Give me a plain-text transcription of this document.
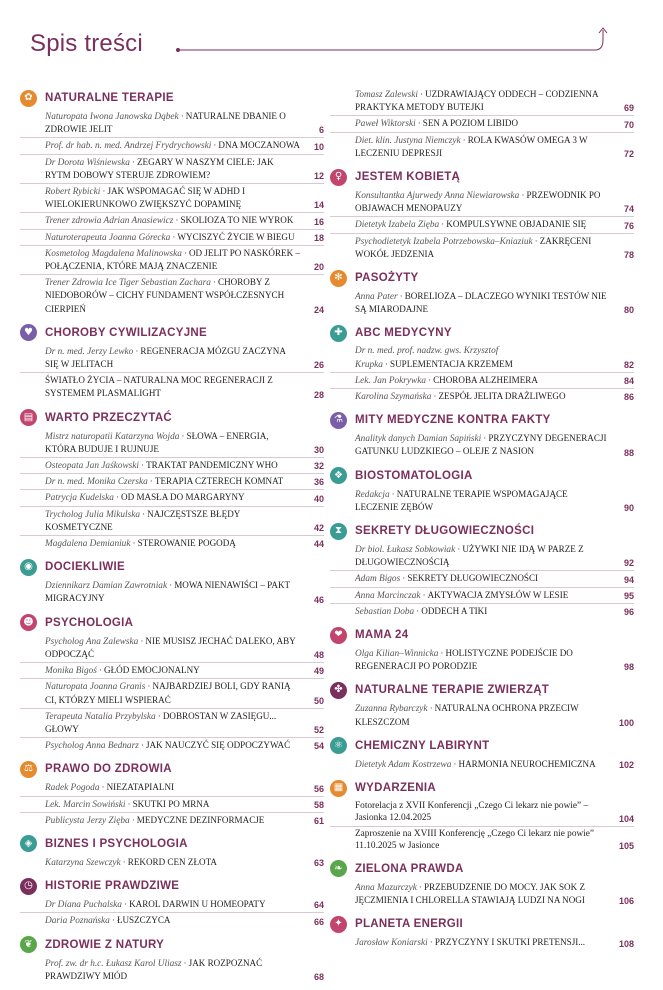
Spis treści
✿	NATURALNE TERAPIE
Naturopata Iwona Janowska Dąbek · NATURALNE DBANIE O ZDROWIE JELIT	6
Prof. dr hab. n. med. Andrzej Frydrychowski · DNA MOCZANOWA	10
Dr Dorota Wiśniewska · ZEGARY W NASZYM CIELE: JAK RYTM DOBOWY STERUJE ZDROWIEM?	12
Robert Rybicki · JAK WSPOMAGAĆ SIĘ W ADHD I WIELOKIERUNKOWO ZWIĘKSZYĆ DOPAMINĘ	14
Trener zdrowia Adrian Anasiewicz · SKOLIOZA TO NIE WYROK	16
Naturoterapeuta Joanna Górecka · WYCISZYĆ ŻYCIE W BIEGU	18
Kosmetolog Magdalena Malinowska · OD JELIT PO NASKÓREK – POŁĄCZENIA, KTÓRE MAJĄ ZNACZENIE	20
Trener Zdrowia Ice Tiger Sebastian Zachara · CHOROBY Z NIEDOBORÓW – CICHY FUNDAMENT WSPÓŁCZESNYCH CIERPIEŃ	24
♥	CHOROBY CYWILIZACYJNE
Dr n. med. Jerzy Lewko · REGENERACJA MÓZGU ZACZYNA SIĘ W JELITACH	26
ŚWIATŁO ŻYCIA – NATURALNA MOC REGENERACJI Z SYSTEMEM PLASMALIGHT	28
▤	WARTO PRZECZYTAĆ
Mistrz naturopatii Katarzyna Wojda · SŁOWA – ENERGIA, KTÓRA BUDUJE I RUJNUJE	30
Osteopata Jan Jaśkowski · TRAKTAT PANDEMICZNY WHO	32
Dr n. med. Monika Czerska · TERAPIA CZTERECH KOMNAT	36
Patrycja Kudelska · OD MASŁA DO MARGARYNY	40
Trycholog Julia Mikulska · NAJCZĘSTSZE BŁĘDY KOSMETYCZNE	42
Magdalena Demianiuk · STEROWANIE POGODĄ	44
◉	DOCIEKLIWIE
Dziennikarz Damian Zawrotniak · MOWA NIENAWIŚCI – PAKT MIGRACYJNY	46
☻ PSYCHOLOGIA
Psycholog Ana Zalewska · NIE MUSISZ JECHAĆ DALEKO, ABY ODPOCZĄĆ	48
Monika Bigoś · GŁÓD EMOCJONALNY	49
Naturopata Joanna Granis · NAJBARDZIEJ BOLI, GDY RANIĄ CI, KTÓRZY MIELI WSPIERAĆ	50
Terapeuta Natalia Przybylska · DOBROSTAN W ZASIĘGU... GŁOWY	52
Psycholog Anna Bednarz · JAK NAUCZYĆ SIĘ ODPOCZYWAĆ	54
⚖	PRAWO DO ZDROWIA
Radek Pogoda · NIEZATAPIALNI	56
Lek. Marcin Sowiński · SKUTKI PO MRNA	58
Publicysta Jerzy Zięba · MEDYCZNE DEZINFORMACJE	61
◈	BIZNES I PSYCHOLOGIA
Katarzyna Szewczyk · REKORD CEN ZŁOTA	63
◷	HISTORIE PRAWDZIWE
Dr Diana Puchalska · KAROL DARWIN U HOMEOPATY	64
Daria Poznańska · ŁUSZCZYCA	66
❦	ZDROWIE Z NATURY
Prof. zw. dr h.c. Łukasz Karol Uliasz · JAK ROZPOZNAĆ PRAWDZIWY MIÓD	68
Tomasz Zalewski · UZDRAWIAJĄCY ODDECH – CODZIENNA PRAKTYKA METODY BUTEJKI	69
Paweł Wiktorski · SEN A POZIOM LIBIDO	70
Diet. klin. Justyna Niemczyk · ROLA KWASÓW OMEGA 3 W LECZENIU DEPRESJI	72
♀	JESTEM KOBIETĄ
Konsultantka Ajurwedy Anna Niewiarowska · PRZEWODNIK PO OBJAWACH MENOPAUZY	74
Dietetyk Izabela Zięba · KOMPULSYWNE OBJADANIE SIĘ	76
Psychodietetyk Izabela Potrzebowska–Kniaziuk · ZAKRĘCENI WOKÓŁ JEDZENIA	78
✻	PASOŻYTY
Anna Pater · BORELIOZA – DLACZEGO WYNIKI TESTÓW NIE SĄ MIARODAJNE	80
✚	ABC MEDYCYNY
Dr n. med. prof. nadzw. gws. Krzysztof Krupka · SUPLEMENTACJA KRZEMEM	82
Lek. Jan Pokrywka · CHOROBA ALZHEIMERA	84
Karolina Szymańska · ZESPÓŁ JELITA DRAŻLIWEGO	86
⚗	MITY MEDYCZNE KONTRA FAKTY
Analityk danych Damian Sapiński · PRZYCZYNY DEGENERACJI GATUNKU LUDZKIEGO – OLEJE Z NASION	88
❖	BIOSTOMATOLOGIA
Redakcja · NATURALNE TERAPIE WSPOMAGAJĄCE LECZENIE ZĘBÓW	90
⧗	SEKRETY DŁUGOWIECZNOŚCI
Dr biol. Łukasz Sobkowiak · UŻYWKI NIE IDĄ W PARZE Z DŁUGOWIECZNOŚCIĄ	92
Adam Bigos · SEKRETY DŁUGOWIECZNOŚCI	94
Anna Marcinczak · AKTYWACJA ZMYSŁÓW W LESIE	95
Sebastian Doba · ODDECH A TIKI	96
❤	MAMA 24
Olga Kilian–Winnicka · HOLISTYCZNE PODEJŚCIE DO REGENERACJI PO PORODZIE	98
✤	NATURALNE TERAPIE ZWIERZĄT
Zuzanna Rybarczyk · NATURALNA OCHRONA PRZECIW KLESZCZOM	100
⚛	CHEMICZNY LABIRYNT
Dietetyk Adam Kostrzewa · HARMONIA NEUROCHEMICZNA	102
▦	WYDARZENIA
Fotorelacja z XVII Konferencji „Czego Ci lekarz nie powie” – Jasionka 12.04.2025	104
Zaproszenie na XVIII Konferencję „Czego Ci lekarz nie powie” 11.10.2025 w Jasionce	105
❧	ZIELONA PRAWDA
Anna Mazurczyk · PRZEBUDZENIE DO MOCY. JAK SOK Z JĘCZMIENIA I CHLORELLA STAWIAJĄ LUDZI NA NOGI	106
✦	PLANETA ENERGII
Jarosław Koniarski · PRZYCZYNY I SKUTKI PRETENSJI...	108
